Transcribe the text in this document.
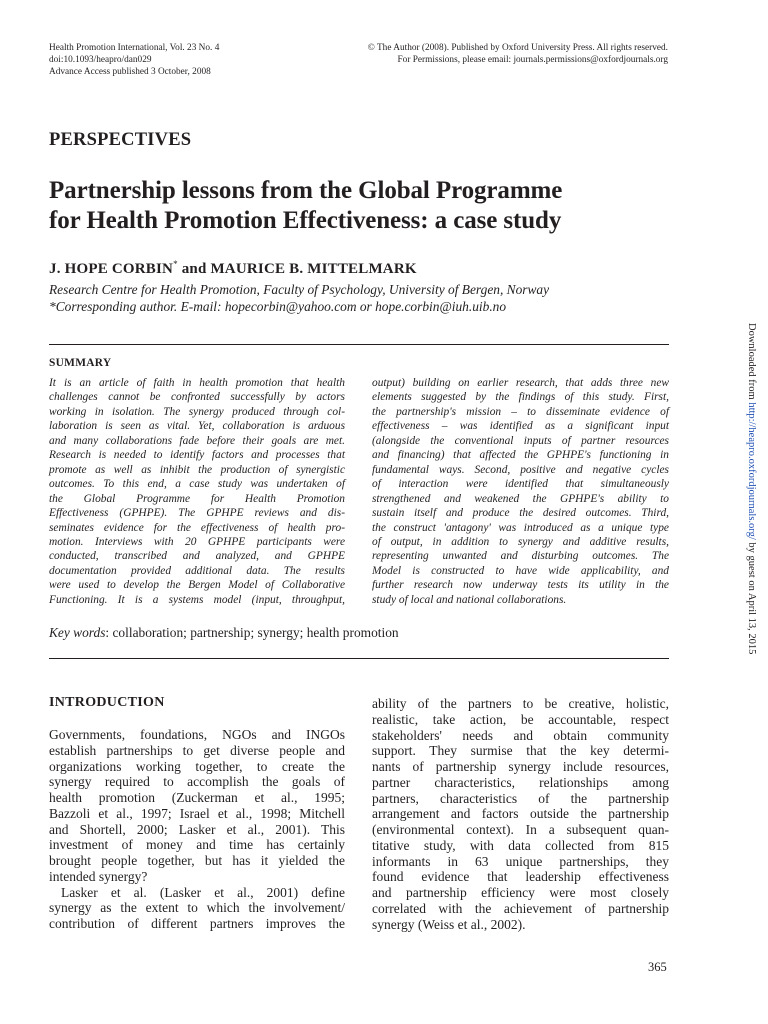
Health Promotion International, Vol. 23 No. 4
doi:10.1093/heapro/dan029
Advance Access published 3 October, 2008
© The Author (2008). Published by Oxford University Press. All rights reserved.
For Permissions, please email: journals.permissions@oxfordjournals.org
PERSPECTIVES
Partnership lessons from the Global Programme
for Health Promotion Effectiveness: a case study
J. HOPE CORBIN* and MAURICE B. MITTELMARK
Research Centre for Health Promotion, Faculty of Psychology, University of Bergen, Norway
*Corresponding author. E-mail: hopecorbin@yahoo.com or hope.corbin@iuh.uib.no
SUMMARY
It is an article of faith in health promotion that health
challenges cannot be confronted successfully by actors
working in isolation. The synergy produced through col-
laboration is seen as vital. Yet, collaboration is arduous
and many collaborations fade before their goals are met.
Research is needed to identify factors and processes that
promote as well as inhibit the production of synergistic
outcomes. To this end, a case study was undertaken of
the Global Programme for Health Promotion
Effectiveness (GPHPE). The GPHPE reviews and dis-
seminates evidence for the effectiveness of health pro-
motion. Interviews with 20 GPHPE participants were
conducted, transcribed and analyzed, and GPHPE
documentation provided additional data. The results
were used to develop the Bergen Model of Collaborative
Functioning. It is a systems model (input, throughput,
output) building on earlier research, that adds three new
elements suggested by the findings of this study. First,
the partnership's mission – to disseminate evidence of
effectiveness – was identified as a significant input
(alongside the conventional inputs of partner resources
and financing) that affected the GPHPE's functioning in
fundamental ways. Second, positive and negative cycles
of interaction were identified that simultaneously
strengthened and weakened the GPHPE's ability to
sustain itself and produce the desired outcomes. Third,
the construct 'antagony' was introduced as a unique type
of output, in addition to synergy and additive results,
representing unwanted and disturbing outcomes. The
Model is constructed to have wide applicability, and
further research now underway tests its utility in the
study of local and national collaborations.
Key words: collaboration; partnership; synergy; health promotion
INTRODUCTION
Governments, foundations, NGOs and INGOs
establish partnerships to get diverse people and
organizations working together, to create the
synergy required to accomplish the goals of
health promotion (Zuckerman et al., 1995;
Bazzoli et al., 1997; Israel et al., 1998; Mitchell
and Shortell, 2000; Lasker et al., 2001). This
investment of money and time has certainly
brought people together, but has it yielded the
intended synergy?
Lasker et al. (Lasker et al., 2001) define
synergy as the extent to which the involvement/
contribution of different partners improves the
ability of the partners to be creative, holistic,
realistic, take action, be accountable, respect
stakeholders' needs and obtain community
support. They surmise that the key determi-
nants of partnership synergy include resources,
partner characteristics, relationships among
partners, characteristics of the partnership
arrangement and factors outside the partnership
(environmental context). In a subsequent quan-
titative study, with data collected from 815
informants in 63 unique partnerships, they
found evidence that leadership effectiveness
and partnership efficiency were most closely
correlated with the achievement of partnership
synergy (Weiss et al., 2002).
365
Downloaded from http://heapro.oxfordjournals.org/ by guest on April 13, 2015
